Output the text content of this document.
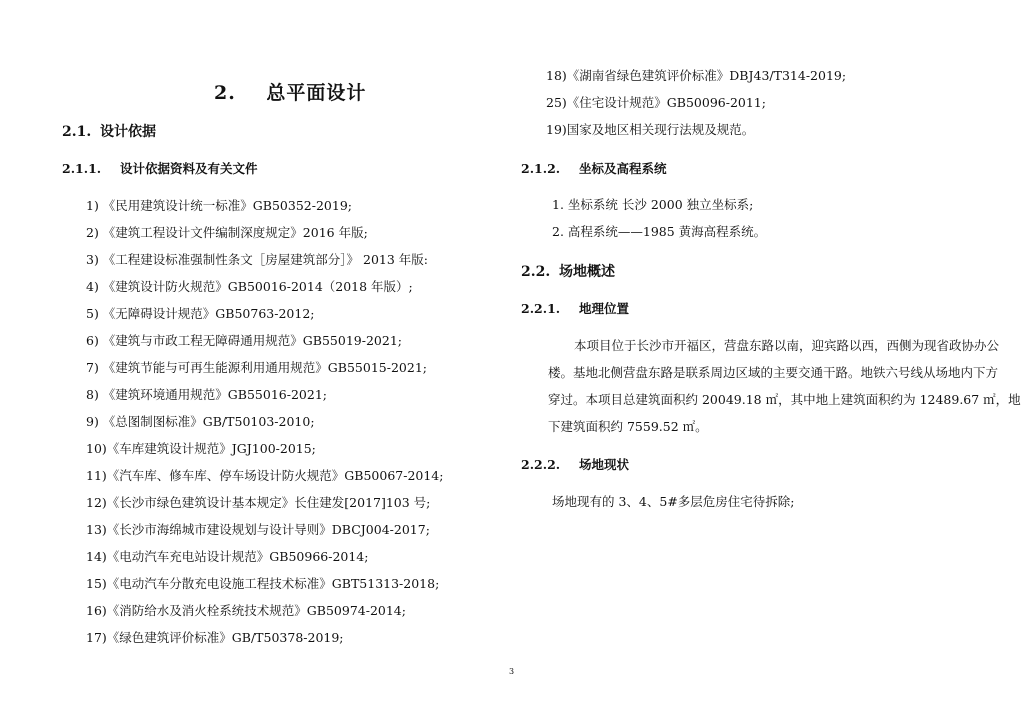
2. 总平面设计
2.1. 设计依据
2.1.1. 设计依据资料及有关文件
1) 《民用建筑设计统一标准》GB50352-2019;
2) 《建筑工程设计文件编制深度规定》2016 年版;
3) 《工程建设标准强制性条文［房屋建筑部分］》 2013 年版:
4) 《建筑设计防火规范》GB50016-2014（2018 年版）;
5) 《无障碍设计规范》GB50763-2012;
6) 《建筑与市政工程无障碍通用规范》GB55019-2021;
7) 《建筑节能与可再生能源利用通用规范》GB55015-2021;
8) 《建筑环境通用规范》GB55016-2021;
9) 《总图制图标准》GB/T50103-2010;
10)《车库建筑设计规范》JGJ100-2015;
11)《汽车库、修车库、停车场设计防火规范》GB50067-2014;
12)《长沙市绿色建筑设计基本规定》长住建发[2017]103 号;
13)《长沙市海绵城市建设规划与设计导则》DBCJ004-2017;
14)《电动汽车充电站设计规范》GB50966-2014;
15)《电动汽车分散充电设施工程技术标准》GBT51313-2018;
16)《消防给水及消火栓系统技术规范》GB50974-2014;
17)《绿色建筑评价标准》GB/T50378-2019;
18)《湖南省绿色建筑评价标准》DBJ43/T314-2019;
25)《住宅设计规范》GB50096-2011;
19)国家及地区相关现行法规及规范。
2.1.2. 坐标及高程系统
1. 坐标系统 长沙 2000 独立坐标系;
2. 高程系统——1985 黄海高程系统。
2.2. 场地概述
2.2.1. 地理位置
本项目位于长沙市开福区，营盘东路以南，迎宾路以西，西侧为现省政协办公
楼。基地北侧营盘东路是联系周边区域的主要交通干路。地铁六号线从场地内下方
穿过。本项目总建筑面积约 20049.18 ㎡，其中地上建筑面积约为 12489.67 ㎡，地
下建筑面积约 7559.52 ㎡。
2.2.2. 场地现状
场地现有的 3、4、5#多层危房住宅待拆除;
3
